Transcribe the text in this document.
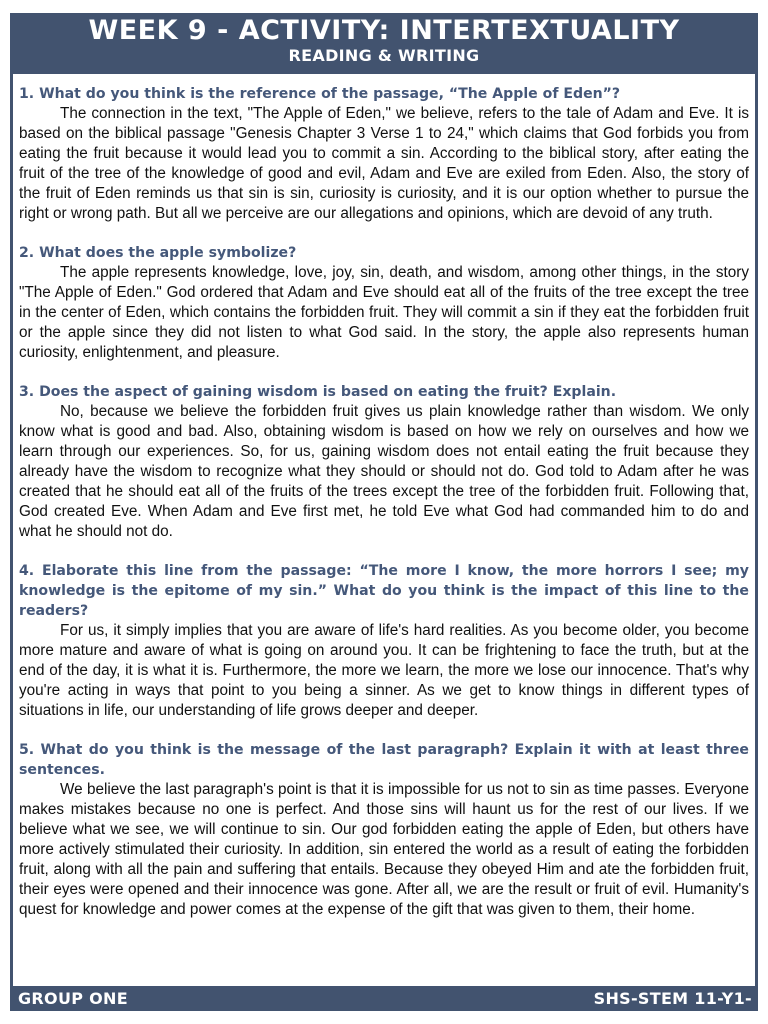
WEEK 9 - ACTIVITY: INTERTEXTUALITY
READING & WRITING

1. What do you think is the reference of the passage, “The Apple of Eden”?

The connection in the text, "The Apple of Eden," we believe, refers to the tale of Adam and Eve. It is based on the biblical passage "Genesis Chapter 3 Verse 1 to 24," which claims that God forbids you from eating the fruit because it would lead you to commit a sin. According to the biblical story, after eating the fruit of the tree of the knowledge of good and evil, Adam and Eve are exiled from Eden. Also, the story of the fruit of Eden reminds us that sin is sin, curiosity is curiosity, and it is our option whether to pursue the right or wrong path. But all we perceive are our allegations and opinions, which are devoid of any truth.

2. What does the apple symbolize?

The apple represents knowledge, love, joy, sin, death, and wisdom, among other things, in the story "The Apple of Eden." God ordered that Adam and Eve should eat all of the fruits of the tree except the tree in the center of Eden, which contains the forbidden fruit. They will commit a sin if they eat the forbidden fruit or the apple since they did not listen to what God said. In the story, the apple also represents human curiosity, enlightenment, and pleasure.

3. Does the aspect of gaining wisdom is based on eating the fruit? Explain.

No, because we believe the forbidden fruit gives us plain knowledge rather than wisdom. We only know what is good and bad. Also, obtaining wisdom is based on how we rely on ourselves and how we learn through our experiences. So, for us, gaining wisdom does not entail eating the fruit because they already have the wisdom to recognize what they should or should not do. God told to Adam after he was created that he should eat all of the fruits of the trees except the tree of the forbidden fruit. Following that, God created Eve. When Adam and Eve first met, he told Eve what God had commanded him to do and what he should not do.

4. Elaborate this line from the passage: “The more I know, the more horrors I see; my knowledge is the epitome of my sin.” What do you think is the impact of this line to the readers?

For us, it simply implies that you are aware of life's hard realities. As you become older, you become more mature and aware of what is going on around you. It can be frightening to face the truth, but at the end of the day, it is what it is. Furthermore, the more we learn, the more we lose our innocence. That's why you're acting in ways that point to you being a sinner. As we get to know things in different types of situations in life, our understanding of life grows deeper and deeper.

5. What do you think is the message of the last paragraph? Explain it with at least three sentences.

We believe the last paragraph's point is that it is impossible for us not to sin as time passes. Everyone makes mistakes because no one is perfect. And those sins will haunt us for the rest of our lives. If we believe what we see, we will continue to sin. Our god forbidden eating the apple of Eden, but others have more actively stimulated their curiosity. In addition, sin entered the world as a result of eating the forbidden fruit, along with all the pain and suffering that entails. Because they obeyed Him and ate the forbidden fruit, their eyes were opened and their innocence was gone. After all, we are the result or fruit of evil. Humanity's quest for knowledge and power comes at the expense of the gift that was given to them, their home.

GROUP ONE	SHS-STEM 11-Y1-
